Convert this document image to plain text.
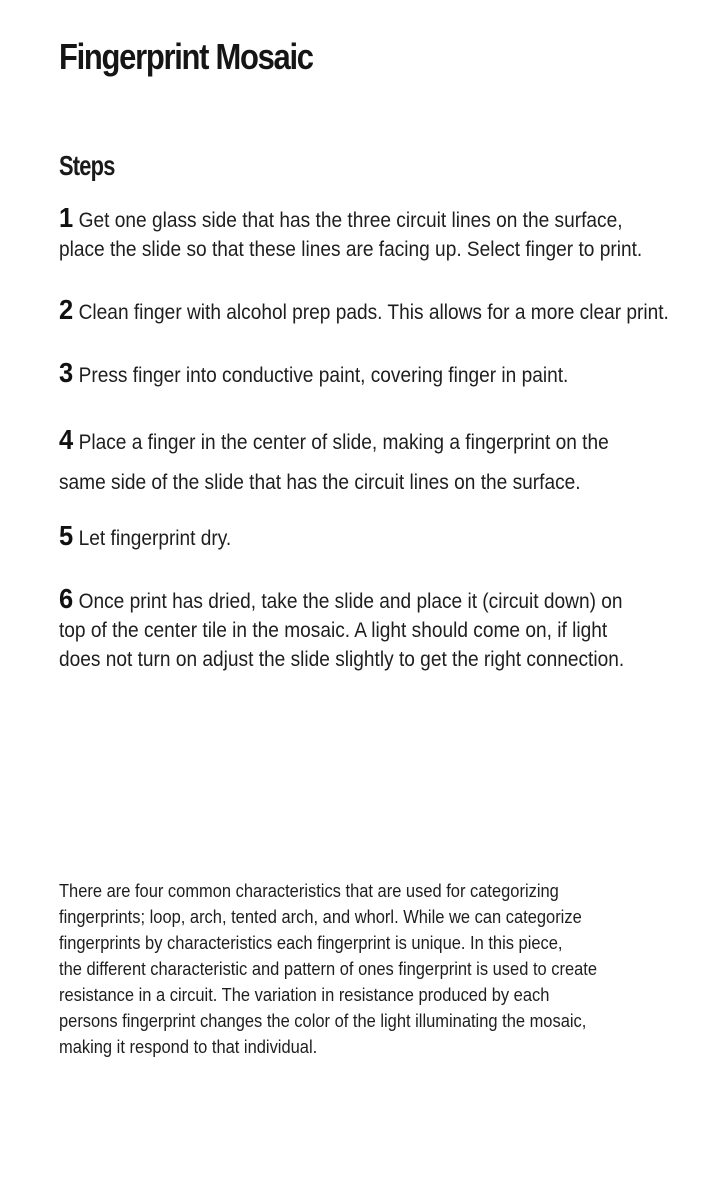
Fingerprint Mosaic
Steps
1 Get one glass side that has the three circuit lines on the surface,
place the slide so that these lines are facing up. Select finger to print.
2 Clean finger with alcohol prep pads. This allows for a more clear print.
3 Press finger into conductive paint, covering finger in paint.
4 Place a finger in the center of slide, making a fingerprint on the
same side of the slide that has the circuit lines on the surface.
5 Let fingerprint dry.
6 Once print has dried, take the slide and place it (circuit down) on
top of the center tile in the mosaic. A light should come on, if light
does not turn on adjust the slide slightly to get the right connection.
There are four common characteristics that are used for categorizing
fingerprints; loop, arch, tented arch, and whorl. While we can categorize
fingerprints by characteristics each fingerprint is unique. In this piece,
the different characteristic and pattern of ones fingerprint is used to create
resistance in a circuit. The variation in resistance produced by each
persons fingerprint changes the color of the light illuminating the mosaic,
making it respond to that individual.
